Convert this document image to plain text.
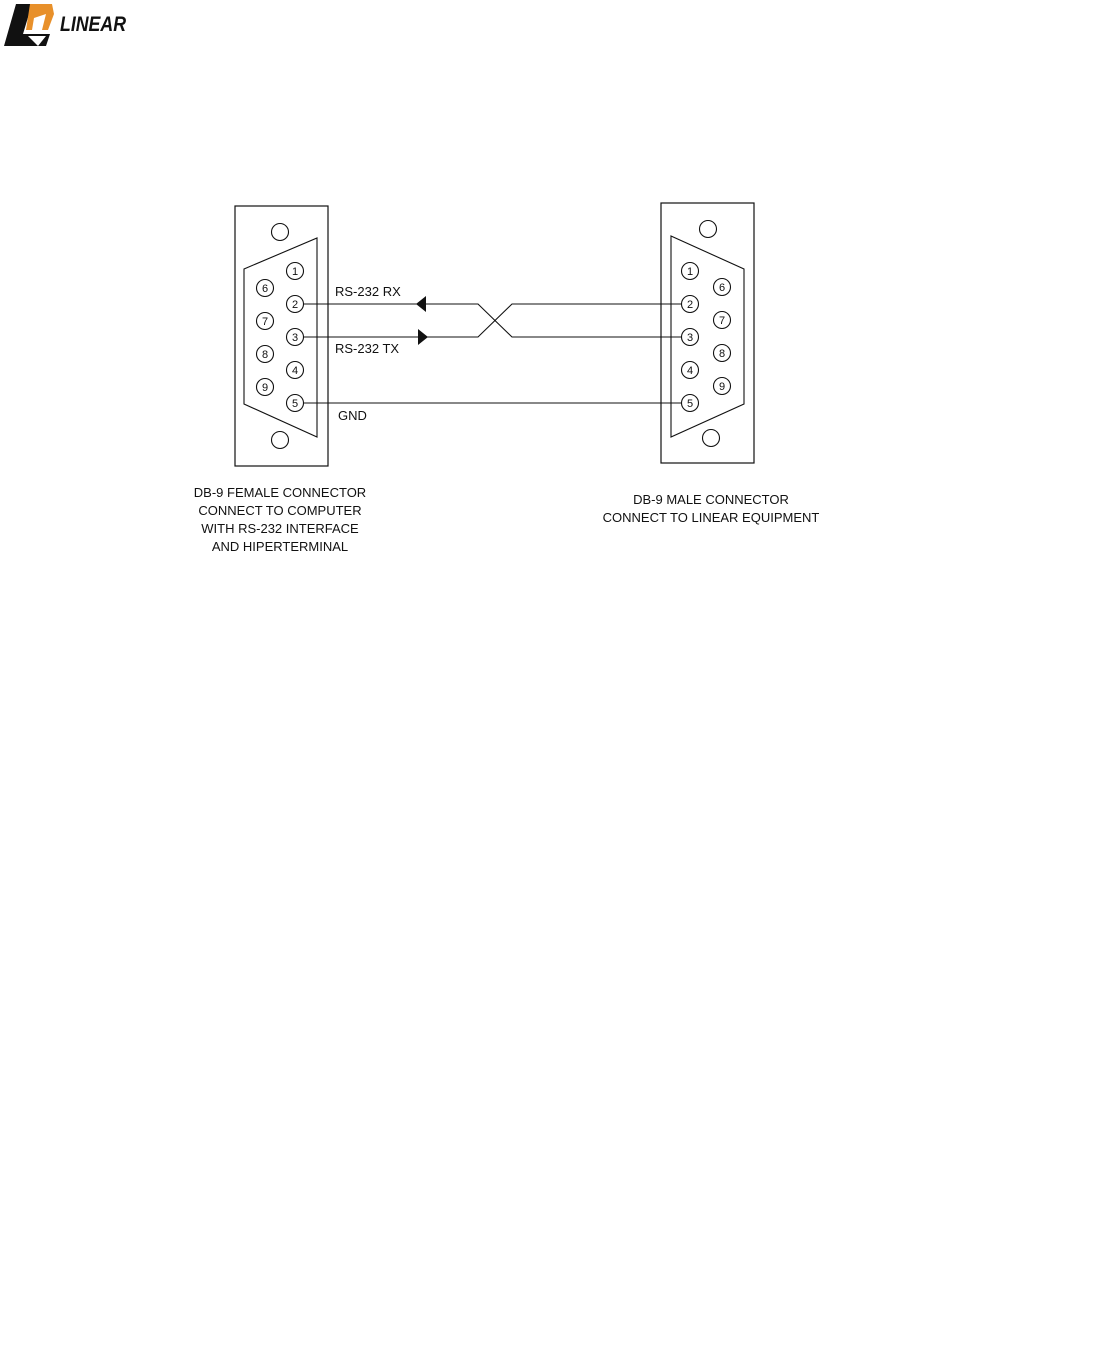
LINEAR
1
2
3
4
5
6
7
8
9
1
2
3
4
5
6
7
8
9
RS-232 RX
RS-232 TX
GND
DB-9 FEMALE CONNECTOR
CONNECT TO COMPUTER
WITH RS-232 INTERFACE
AND HIPERTERMINAL
DB-9 MALE CONNECTOR
CONNECT TO LINEAR EQUIPMENT
